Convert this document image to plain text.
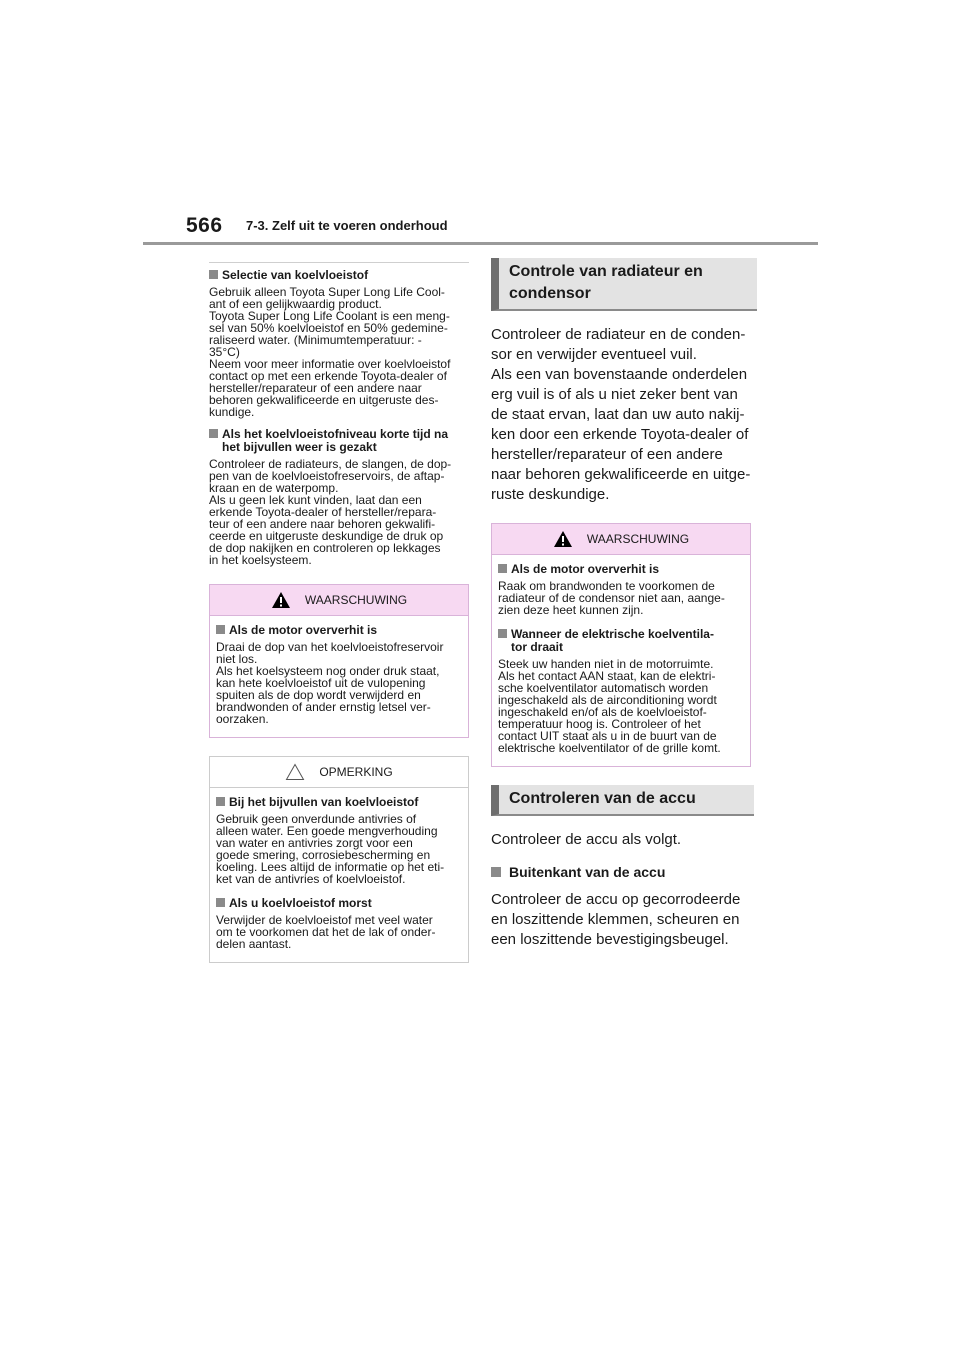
566 7-3. Zelf uit te voeren onderhoud
Selectie van koelvloeistof
Gebruik alleen Toyota Super Long Life Cool-
ant of een gelijkwaardig product.
Toyota Super Long Life Coolant is een meng-
sel van 50% koelvloeistof en 50% gedemine-
raliseerd water. (Minimumtemperatuur: -
35°C)
Neem voor meer informatie over koelvloeistof
contact op met een erkende Toyota-dealer of
hersteller/reparateur of een andere naar
behoren gekwalificeerde en uitgeruste des-
kundige.
Als het koelvloeistofniveau korte tijd na het bijvullen weer is gezakt
Controleer de radiateurs, de slangen, de dop-
pen van de koelvloeistofreservoirs, de aftap-
kraan en de waterpomp.
Als u geen lek kunt vinden, laat dan een
erkende Toyota-dealer of hersteller/repara-
teur of een andere naar behoren gekwalifi-
ceerde en uitgeruste deskundige de druk op
de dop nakijken en controleren op lekkages
in het koelsysteem.
WAARSCHUWING
Als de motor oververhit is
Draai de dop van het koelvloeistofreservoir
niet los.
Als het koelsysteem nog onder druk staat,
kan hete koelvloeistof uit de vulopening
spuiten als de dop wordt verwijderd en
brandwonden of ander ernstig letsel ver-
oorzaken.
OPMERKING
Bij het bijvullen van koelvloeistof
Gebruik geen onverdunde antivries of
alleen water. Een goede mengverhouding
van water en antivries zorgt voor een
goede smering, corrosiebescherming en
koeling. Lees altijd de informatie op het eti-
ket van de antivries of koelvloeistof.
Als u koelvloeistof morst
Verwijder de koelvloeistof met veel water
om te voorkomen dat het de lak of onder-
delen aantast.
Controle van radiateur en condensor
Controleer de radiateur en de conden-
sor en verwijder eventueel vuil.
Als een van bovenstaande onderdelen
erg vuil is of als u niet zeker bent van
de staat ervan, laat dan uw auto nakij-
ken door een erkende Toyota-dealer of
hersteller/reparateur of een andere
naar behoren gekwalificeerde en uitge-
ruste deskundige.
WAARSCHUWING
Als de motor oververhit is
Raak om brandwonden te voorkomen de
radiateur of de condensor niet aan, aange-
zien deze heet kunnen zijn.
Wanneer de elektrische koelventila-
tor draait
Steek uw handen niet in de motorruimte.
Als het contact AAN staat, kan de elektri-
sche koelventilator automatisch worden
ingeschakeld als de airconditioning wordt
ingeschakeld en/of als de koelvloeistof-
temperatuur hoog is. Controleer of het
contact UIT staat als u in de buurt van de
elektrische koelventilator of de grille komt.
Controleren van de accu
Controleer de accu als volgt.
Buitenkant van de accu
Controleer de accu op gecorrodeerde
en loszittende klemmen, scheuren en
een loszittende bevestigingsbeugel.
